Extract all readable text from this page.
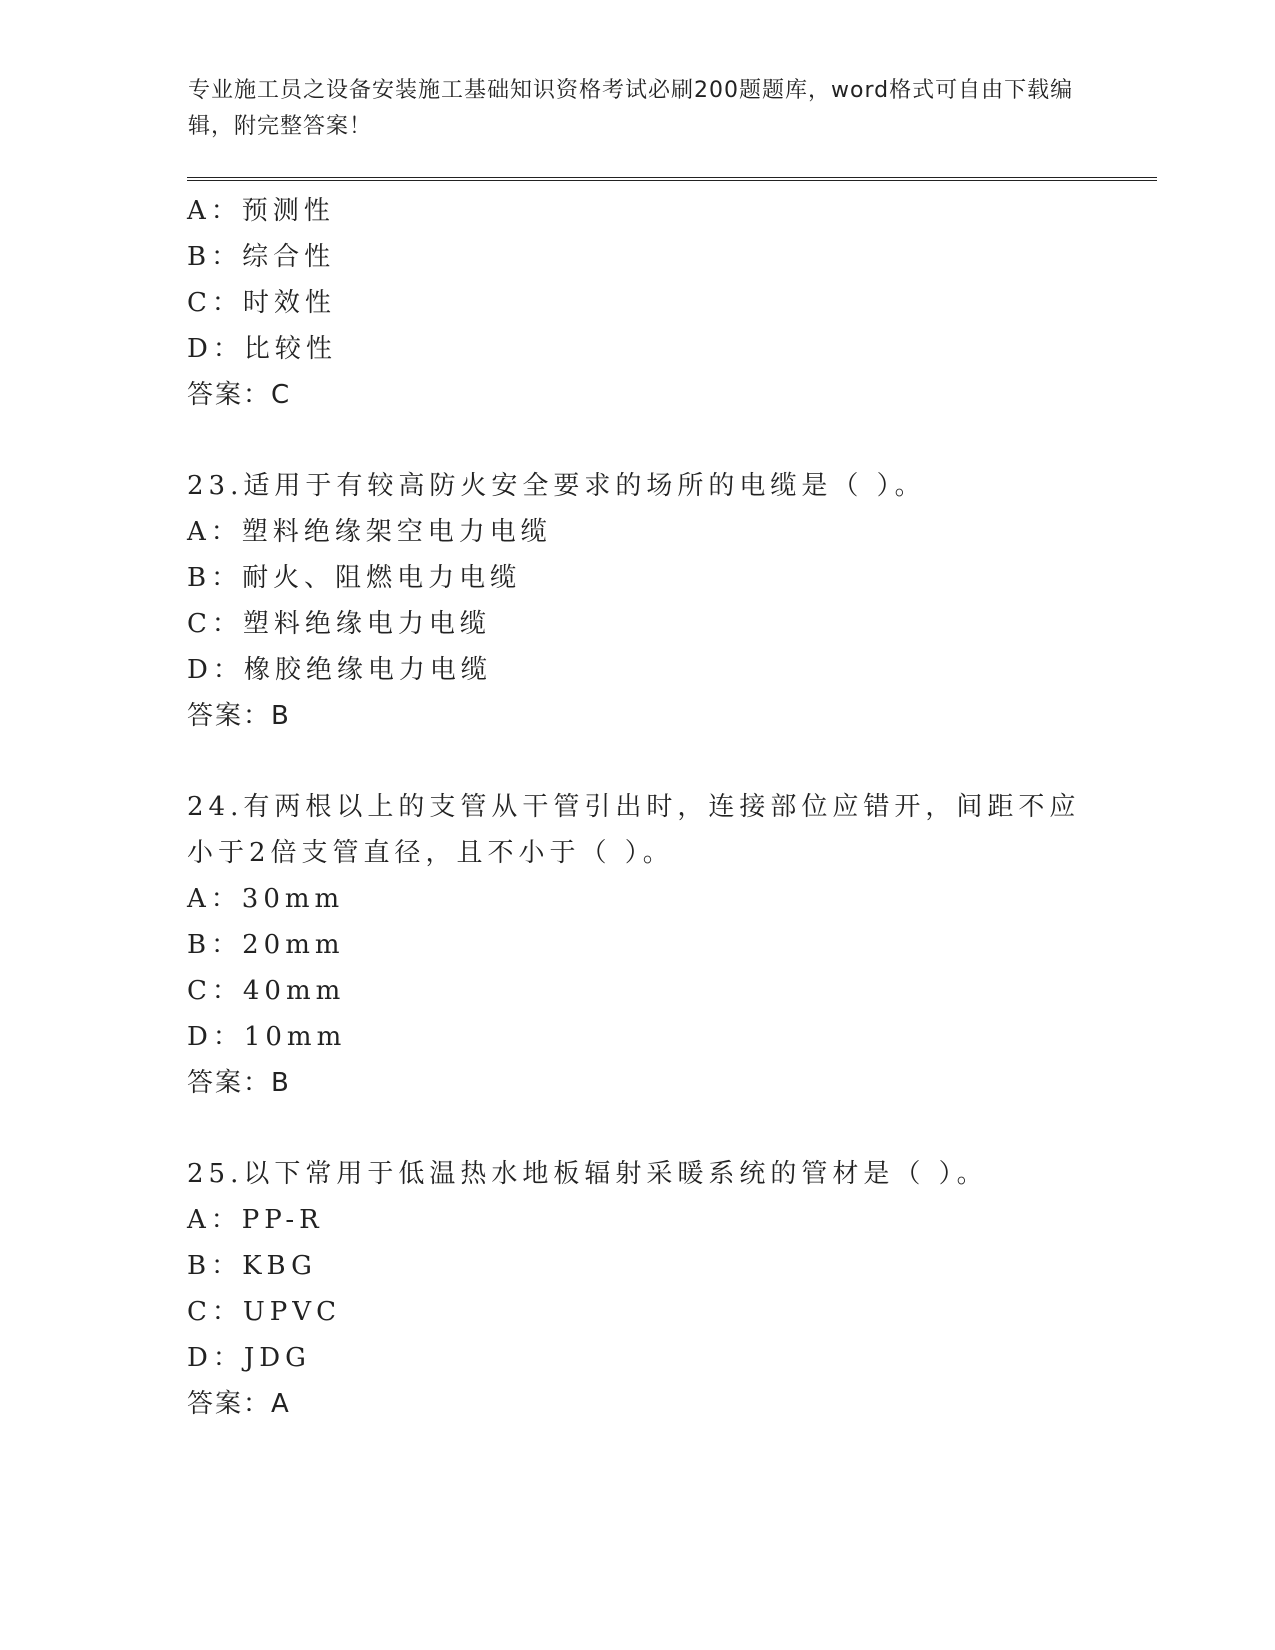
专业施工员之设备安装施工基础知识资格考试必刷200题题库，word格式可自由下载编辑，附完整答案！
A：预测性
B：综合性
C：时效性
D：比较性
答案：C
23.适用于有较高防火安全要求的场所的电缆是（ ）。
A：塑料绝缘架空电力电缆
B：耐火、阻燃电力电缆
C：塑料绝缘电力电缆
D：橡胶绝缘电力电缆
答案：B
24.有两根以上的支管从干管引出时，连接部位应错开，间距不应小于2倍支管直径，且不小于（ ）。
A：30mm
B：20mm
C：40mm
D：10mm
答案：B
25.以下常用于低温热水地板辐射采暖系统的管材是（ ）。
A：PP-R
B：KBG
C：UPVC
D：JDG
答案：A
